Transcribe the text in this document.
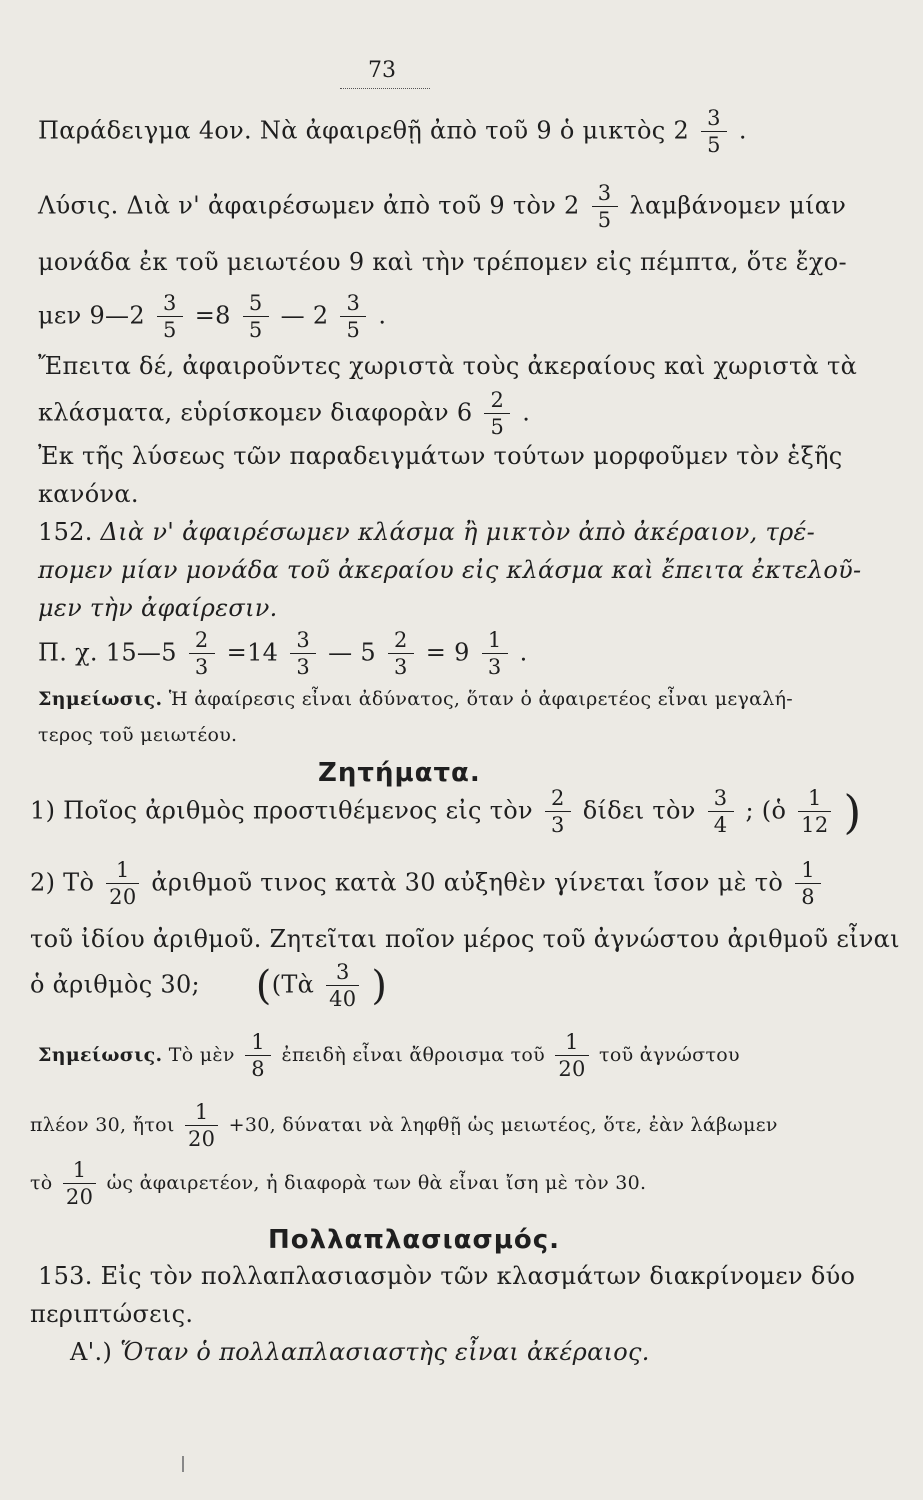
73
Παράδειγμα 4ον. Νὰ ἀφαιρεθῇ ἀπὸ τοῦ 9 ὁ μικτὸς $2 \frac{3}{5}$ .
Λύσις. Διὰ ν' ἀφαιρέσωμεν ἀπὸ τοῦ 9 τὸν $2 \frac{3}{5}$ λαμβάνομεν μίαν
μονάδα ἐκ τοῦ μειωτέου 9 καὶ τὴν τρέπομεν εἰς πέμπτα, ὅτε ἔχο-
μεν 9—2 $\frac{3}{5} =8 \frac{5}{5}$ — $2 \frac{3}{5}$ .
Ἔπειτα δέ, ἀφαιροῦντες χωριστὰ τοὺς ἀκεραίους καὶ χωριστὰ τὰ
κλάσματα, εὑρίσκομεν διαφορὰν $6 \frac{2}{5}$ .
Ἐκ τῆς λύσεως τῶν παραδειγμάτων τούτων μορφοῦμεν τὸν ἑξῆς
κανόνα.
152. Διὰ ν' ἀφαιρέσωμεν κλάσμα ἢ μικτὸν ἀπὸ ἀκέραιον, τρέ-
πομεν μίαν μονάδα τοῦ ἀκεραίου εἰς κλάσμα καὶ ἔπειτα ἐκτελοῦ-
μεν τὴν ἀφαίρεσιν.
Π. χ. 15—5 $\frac{2}{3} =14 \frac{3}{3}$ — $5 \frac{2}{3} = 9 \frac{1}{3}$ .
Σημείωσις. Ἡ ἀφαίρεσις εἶναι ἀδύνατος, ὅταν ὁ ἀφαιρετέος εἶναι μεγαλή-
τερος τοῦ μειωτέου.
Ζητήματα.
1) Ποῖος ἀριθμὸς προστιθέμενος εἰς τὸν $\frac{2}{3}$ δίδει τὸν $\frac{3}{4}$ ; (ὁ $\frac{1}{12}$ )
2) Τὸ $\frac{1}{20}$ ἀριθμοῦ τινος κατὰ 30 αὐξηθὲν γίνεται ἴσον μὲ τὸ $\frac{1}{8}$
τοῦ ἰδίου ἀριθμοῦ. Ζητεῖται ποῖον μέρος τοῦ ἀγνώστου ἀριθμοῦ εἶναι
ὁ ἀριθμὸς 30; ((Τὰ $\frac{3}{40}$ )
Σημείωσις. Τὸ μὲν $\frac{1}{8}$ ἐπειδὴ εἶναι ἄθροισμα τοῦ $\frac{1}{20}$ τοῦ ἀγνώστου
πλέον 30, ἤτοι $\frac{1}{20} +30$, δύναται νὰ ληφθῇ ὡς μειωτέος, ὅτε, ἐὰν λάβωμεν
τὸ $\frac{1}{20}$ ὡς ἀφαιρετέον, ἡ διαφορὰ των θὰ εἶναι ἴση μὲ τὸν 30.
Πολλαπλασιασμός.
153. Εἰς τὸν πολλαπλασιασμὸν τῶν κλασμάτων διακρίνομεν δύο
περιπτώσεις.
Α'.) Ὅταν ὁ πολλαπλασιαστὴς εἶναι ἀκέραιος.
